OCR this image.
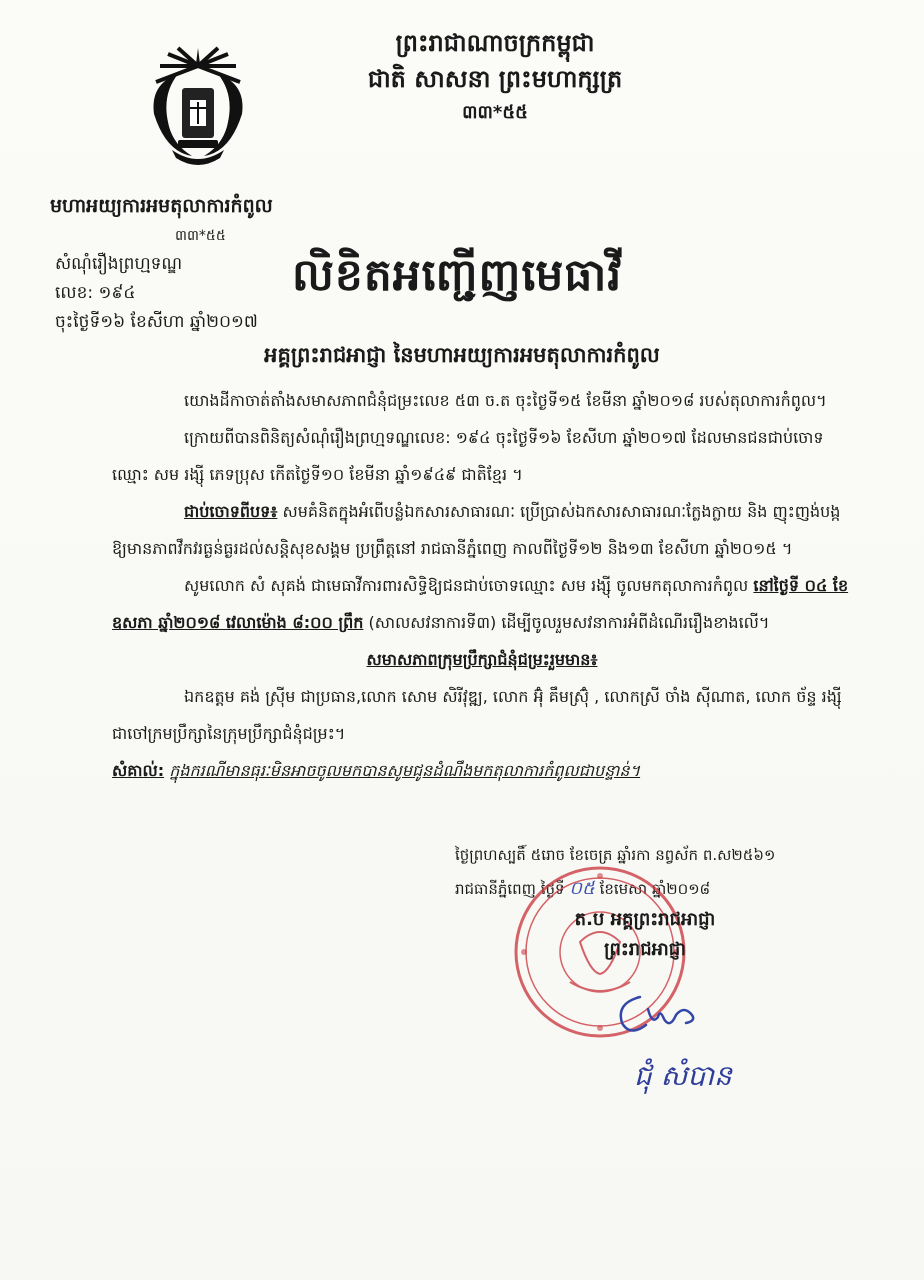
ព្រះរាជាណាចក្រកម្ពុជា
ជាតិ សាសនា ព្រះមហាក្សត្រ
៣៣*៥៥
មហាអយ្យការអមតុលាការកំពូល
៣៣*៥៥
សំណុំរឿងព្រហ្មទណ្ឌ
លេខ: ១៩៤
ចុះថ្ងៃទី១៦ ខែសីហា ឆ្នាំ២០១៧
លិខិតអញ្ជើញមេធាវី
អគ្គព្រះរាជអាជ្ញា នៃមហាអយ្យការអមតុលាការកំពូល

យោងដីកាចាត់តាំងសមាសភាពជំនុំជម្រះលេខ ៥៣ ច.ត ចុះថ្ងៃទី១៥ ខែមីនា ឆ្នាំ២០១៨ របស់តុលាការកំពូល។

ក្រោយពីបានពិនិត្យសំណុំរឿងព្រហ្មទណ្ឌលេខ: ១៩៤ ចុះថ្ងៃទី១៦ ខែសីហា ឆ្នាំ២០១៧ ដែលមានជនជាប់ចោទ ឈ្មោះ សម រង្ស៊ី ភេទប្រុស កើតថ្ងៃទី១០ ខែមីនា ឆ្នាំ១៩៤៩ ជាតិខ្មែរ ។

ជាប់ចោទពីបទ៖ សមគំនិតក្នុងអំពើបន្លំឯកសារសាធារណៈ ប្រើប្រាស់ឯកសារសាធារណៈក្លែងក្លាយ និង ញុះញង់បង្កឱ្យមានភាពវឹកវរធ្ងន់ធ្ងរដល់សន្តិសុខសង្គម ប្រព្រឹត្តនៅ រាជធានីភ្នំពេញ កាលពីថ្ងៃទី១២ និង១៣ ខែសីហា ឆ្នាំ២០១៥ ។

សូមលោក សំ សុគង់ ជាមេធាវីការពារសិទ្ធិឱ្យជនជាប់ចោទឈ្មោះ សម រង្ស៊ី ចូលមកតុលាការកំពូល នៅថ្ងៃទី ០៤ ខែ ឧសភា ឆ្នាំ២០១៨ វេលាម៉ោង ៨:០០ ព្រឹក (សាលសវនាការទី៣) ដើម្បីចូលរួមសវនាការអំពីដំណើររឿងខាងលើ។

សមាសភាពក្រុមប្រឹក្សាជំនុំជម្រះរួមមាន៖

ឯកឧត្តម គង់ ស្រ៊ីម ជាប្រធាន,លោក សោម សិរីវុឌ្ឍ, លោក អ៊ុំ គឹមស្រ៊ុំ , លោកស្រី ចាំង ស៊ីណាត, លោក ច័ន្ទ រង្ស៊ី ជាចៅក្រមប្រឹក្សានៃក្រុមប្រឹក្សាជំនុំជម្រះ។

សំគាល់: ក្នុងករណីមានធុរៈមិនអាចចូលមកបានសូមជូនដំណឹងមកតុលាការកំពូលជាបន្ទាន់។
ថ្ងៃព្រហស្បតិ៍ ៥រោច ខែចេត្រ ឆ្នាំរកា នព្វស័ក ព.ស២៥៦១
រាជធានីភ្នំពេញ ថ្ងៃទី ០៥ ខែមេសា ឆ្នាំ២០១៨
ត.ប អគ្គព្រះរាជអាជ្ញា
ព្រះរាជអាជ្ញា
ជុំ សំបាន
